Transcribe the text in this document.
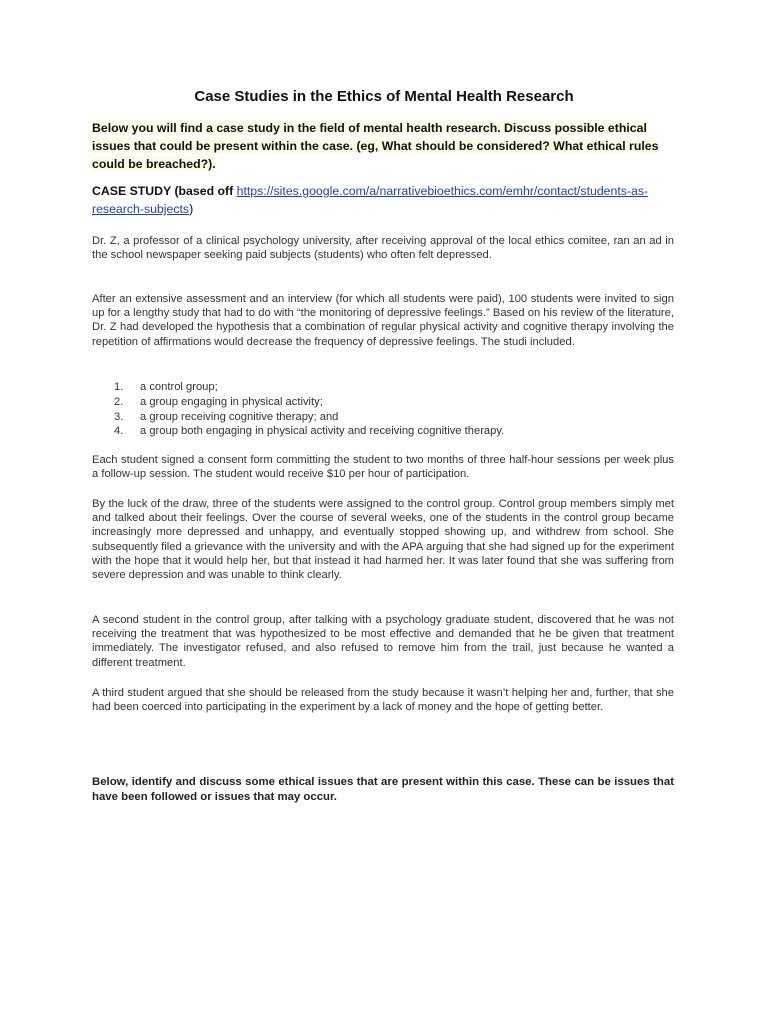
Case Studies in the Ethics of Mental Health Research
Below you will find a case study in the field of mental health research. Discuss possible ethical issues that could be present within the case. (eg, What should be considered? What ethical rules could be breached?).
CASE STUDY (based off https://sites.google.com/a/narrativebioethics.com/emhr/contact/students-as-research-subjects)
Dr. Z, a professor of a clinical psychology university, after receiving approval of the local ethics comitee, ran an ad in the school newspaper seeking paid subjects (students) who often felt depressed.
After an extensive assessment and an interview (for which all students were paid), 100 students were invited to sign up for a lengthy study that had to do with “the monitoring of depressive feelings.” Based on his review of the literature, Dr. Z had developed the hypothesis that a combination of regular physical activity and cognitive therapy involving the repetition of affirmations would decrease the frequency of depressive feelings. The studi included.
1. a control group;
2. a group engaging in physical activity;
3. a group receiving cognitive therapy; and
4. a group both engaging in physical activity and receiving cognitive therapy.
Each student signed a consent form committing the student to two months of three half-hour sessions per week plus a follow-up session. The student would receive $10 per hour of participation.
By the luck of the draw, three of the students were assigned to the control group. Control group members simply met and talked about their feelings. Over the course of several weeks, one of the students in the control group became increasingly more depressed and unhappy, and eventually stopped showing up, and withdrew from school. She subsequently filed a grievance with the university and with the APA arguing that she had signed up for the experiment with the hope that it would help her, but that instead it had harmed her. It was later found that she was suffering from severe depression and was unable to think clearly.
A second student in the control group, after talking with a psychology graduate student, discovered that he was not receiving the treatment that was hypothesized to be most effective and demanded that he be given that treatment immediately. The investigator refused, and also refused to remove him from the trail, just because he wanted a different treatment.
A third student argued that she should be released from the study because it wasn’t helping her and, further, that she had been coerced into participating in the experiment by a lack of money and the hope of getting better.
Below, identify and discuss some ethical issues that are present within this case. These can be issues that have been followed or issues that may occur.
